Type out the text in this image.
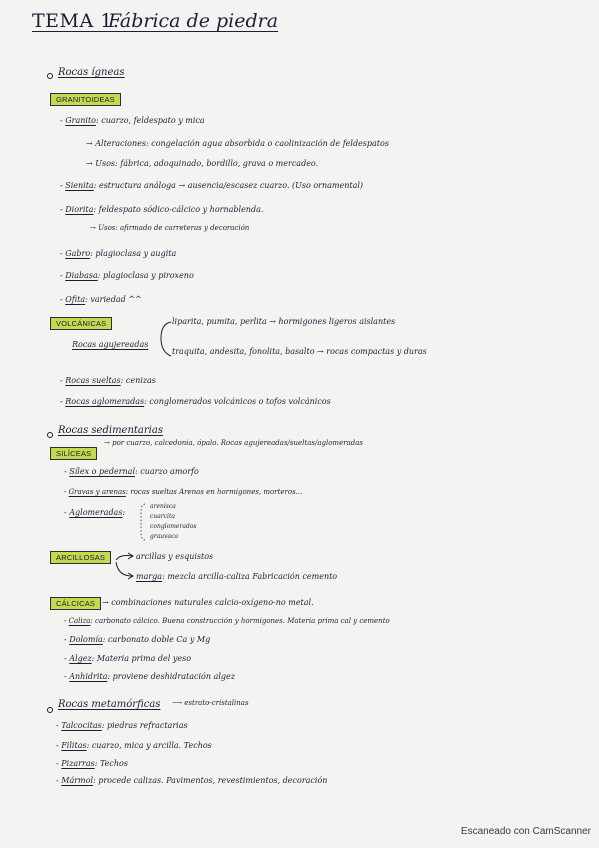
TEMA 1.
Fábrica de piedra
Rocas ígneas
GRANITOIDEAS
- Granito: cuarzo, feldespato y mica
→ Alteraciones: congelación agua absorbida o caolinización de feldespatos
→ Usos: fábrica, adoquinado, bordillo, grava o mercadeo.
- Sienita: estructura análoga → ausencia/escasez cuarzo. (Uso ornamental)
- Diorita: feldespato sódico-cálcico y hornablenda.
→ Usos: afirmado de carreteras y decoración
- Gabro: plagioclasa y augita
- Diabasa: plagioclasa y piroxeno
- Ofita: variedad ^^
VOLCÁNICAS
Rocas agujereadas
liparita, pumita, perlita → hormigones ligeros aislantes
traquita, andesita, fonolita, basalto → rocas compactas y duras
- Rocas sueltas: cenizas
- Rocas aglomeradas: conglomerados volcánicos o tofos volcánicos
Rocas sedimentarias
SILÍCEAS
→ por cuarzo, calcedonia, ópalo. Rocas agujereadas/sueltas/aglomeradas
- Sílex o pedernal: cuarzo amorfo
- Gravas y arenas: rocas sueltas Arenas en hormigones, morteros...
- Aglomeradas:
arenisca
cuarcita
conglomerados
grauvaca
ARCILLOSAS	arcillas y esquistos
marga: mezcla arcilla-caliza Fabricación cemento
CÁLCICAS → combinaciones naturales calcio-oxígeno-no metal.
- Caliza: carbonato cálcico. Buena construcción y hormigones. Materia prima cal y cemento
- Dolomía: carbonato doble Ca y Mg
- Algez: Materia prima del yeso
- Anhidrita: proviene deshidratación algez
Rocas metamórficas ⟶ estrato-cristalinas
- Talcocitas: piedras refractarias
- Filitas: cuarzo, mica y arcilla. Techos
- Pizarras: Techos
- Mármol: procede calizas. Pavimentos, revestimientos, decoración
Escaneado con CamScanner
